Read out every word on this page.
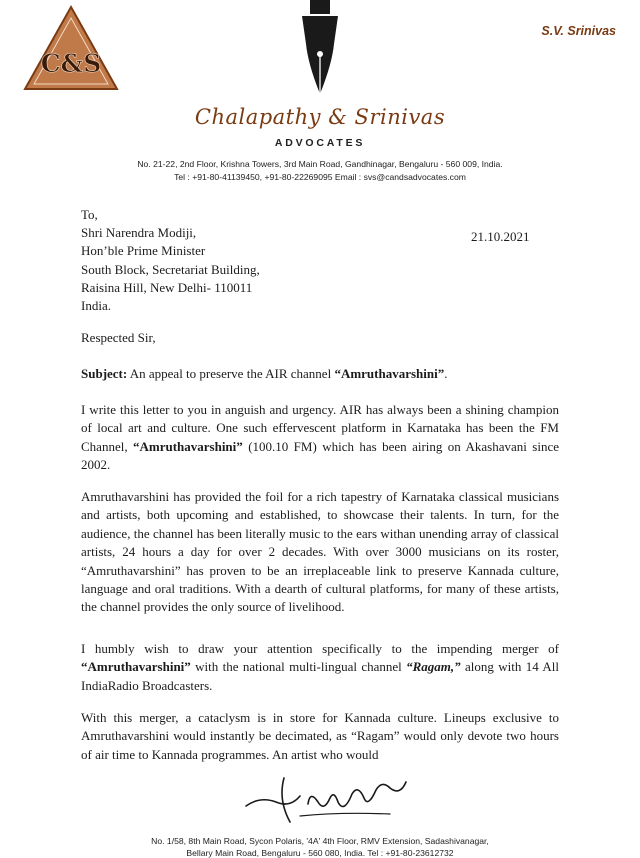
C&S
S.V. Srinivas
Chalapathy & Srinivas
ADVOCATES
No. 21-22, 2nd Floor, Krishna Towers, 3rd Main Road, Gandhinagar, Bengaluru - 560 009, India.
Tel : +91-80-41139450, +91-80-22269095 Email : svs@candsadvocates.com
To,
Shri Narendra Modiji,
Hon’ble Prime Minister
South Block, Secretariat Building,
Raisina Hill, New Delhi- 110011
India.
21.10.2021
Respected Sir,
Subject: An appeal to preserve the AIR channel “Amruthavarshini”.

I write this letter to you in anguish and urgency. AIR has always been a shining champion of local art and culture. One such effervescent platform in Karnataka has been the FM Channel, “Amruthavarshini” (100.10 FM) which has been airing on Akashavani since 2002.

Amruthavarshini has provided the foil for a rich tapestry of Karnataka classical musicians and artists, both upcoming and established, to showcase their talents. In turn, for the audience, the channel has been literally music to the ears withan unending array of classical artists, 24 hours a day for over 2 decades. With over 3000 musicians on its roster, “Amruthavarshini” has proven to be an irreplaceable link to preserve Kannada culture, language and oral traditions. With a dearth of cultural platforms, for many of these artists, the channel provides the only source of livelihood.

I humbly wish to draw your attention specifically to the impending merger of “Amruthavarshini” with the national multi-lingual channel “Ragam,” along with 14 All IndiaRadio Broadcasters.

With this merger, a cataclysm is in store for Kannada culture. Lineups exclusive to Amruthavarshini would instantly be decimated, as “Ragam” would only devote two hours of air time to Kannada programmes. An artist who would

No. 1/58, 8th Main Road, Sycon Polaris, '4A' 4th Floor, RMV Extension, Sadashivanagar,
Bellary Main Road, Bengaluru - 560 080, India. Tel : +91-80-23612732
